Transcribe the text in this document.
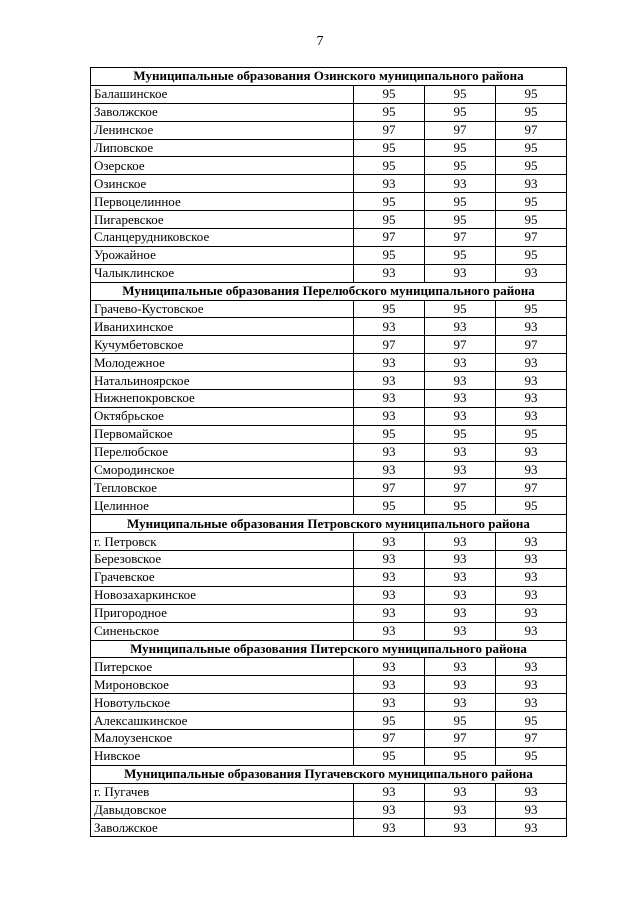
7
Муниципальные образования Озинского муниципального района			
Балашинское	95	95	95
Заволжское	95	95	95
Ленинское	97	97	97
Липовское	95	95	95
Озерское	95	95	95
Озинское	93	93	93
Первоцелинное	95	95	95
Пигаревское	95	95	95
Сланцерудниковское	97	97	97
Урожайное	95	95	95
Чалыклинское	93	93	93
Муниципальные образования Перелюбского муниципального района			
Грачево-Кустовское	95	95	95
Иванихинское	93	93	93
Кучумбетовское	97	97	97
Молодежное	93	93	93
Натальиноярское	93	93	93
Нижнепокровское	93	93	93
Октябрьское	93	93	93
Первомайское	95	95	95
Перелюбское	93	93	93
Смородинское	93	93	93
Тепловское	97	97	97
Целинное	95	95	95
Муниципальные образования Петровского муниципального района			
г. Петровск	93	93	93
Березовское	93	93	93
Грачевское	93	93	93
Новозахаркинское	93	93	93
Пригородное	93	93	93
Синеньское	93	93	93
Муниципальные образования Питерского муниципального района			
Питерское	93	93	93
Мироновское	93	93	93
Новотульское	93	93	93
Алексашкинское	95	95	95
Малоузенское	97	97	97
Нивское	95	95	95
Муниципальные образования Пугачевского муниципального района			
г. Пугачев	93	93	93
Давыдовское	93	93	93
Заволжское	93	93	93
